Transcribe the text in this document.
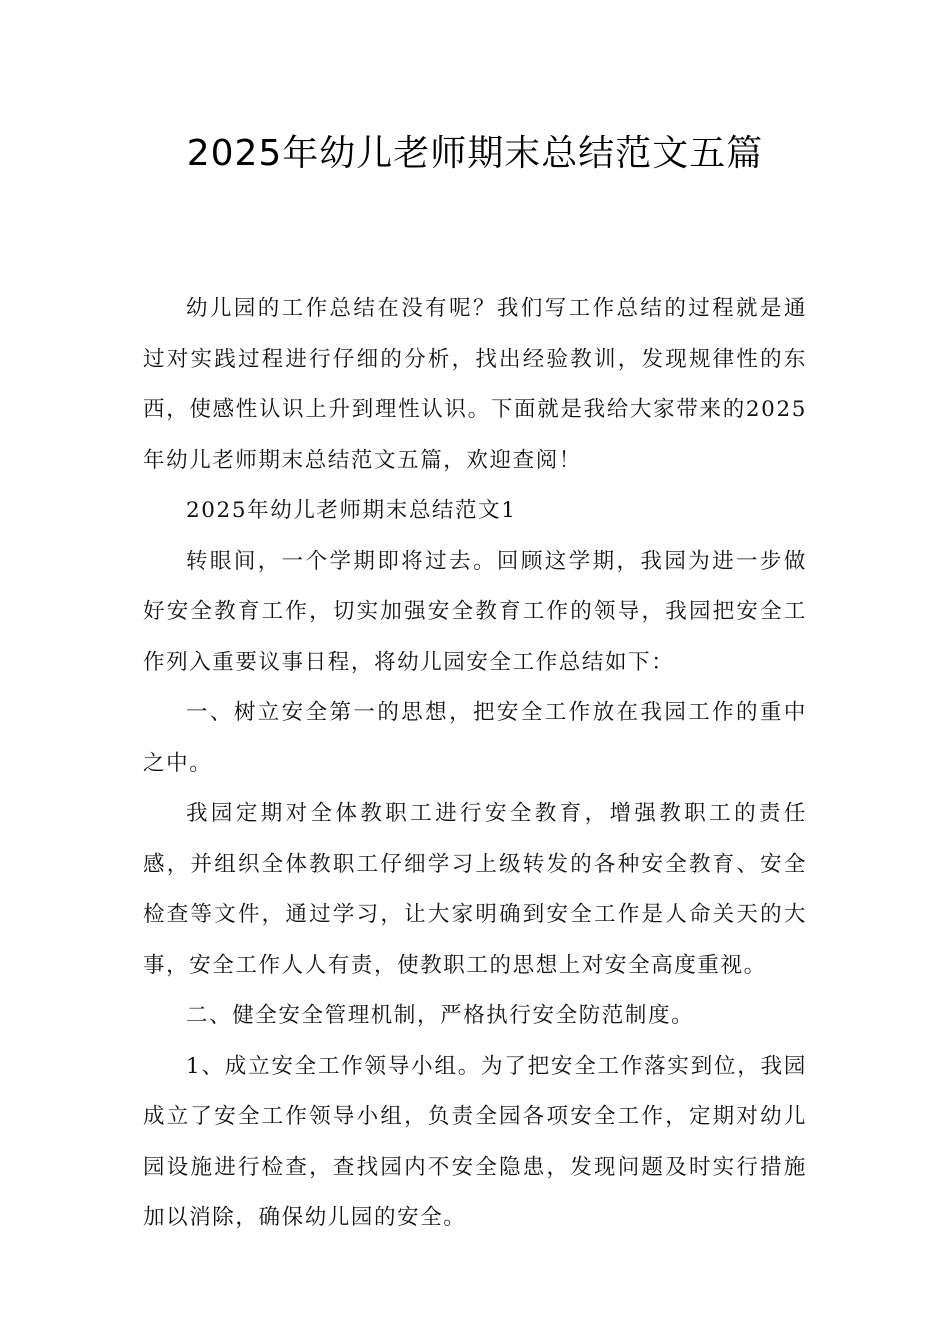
2025年幼儿老师期末总结范文五篇

幼儿园的工作总结在没有呢？我们写工作总结的过程就是通过对实践过程进行仔细的分析，找出经验教训，发现规律性的东西，使感性认识上升到理性认识。下面就是我给大家带来的2025年幼儿老师期末总结范文五篇，欢迎查阅！

2025年幼儿老师期末总结范文1

转眼间，一个学期即将过去。回顾这学期，我园为进一步做好安全教育工作，切实加强安全教育工作的领导，我园把安全工作列入重要议事日程，将幼儿园安全工作总结如下：

一、树立安全第一的思想，把安全工作放在我园工作的重中之中。

我园定期对全体教职工进行安全教育，增强教职工的责任感，并组织全体教职工仔细学习上级转发的各种安全教育、安全检查等文件，通过学习，让大家明确到安全工作是人命关天的大事，安全工作人人有责，使教职工的思想上对安全高度重视。

二、健全安全管理机制，严格执行安全防范制度。

1、成立安全工作领导小组。为了把安全工作落实到位，我园成立了安全工作领导小组，负责全园各项安全工作，定期对幼儿园设施进行检查，查找园内不安全隐患，发现问题及时实行措施加以消除，确保幼儿园的安全。
